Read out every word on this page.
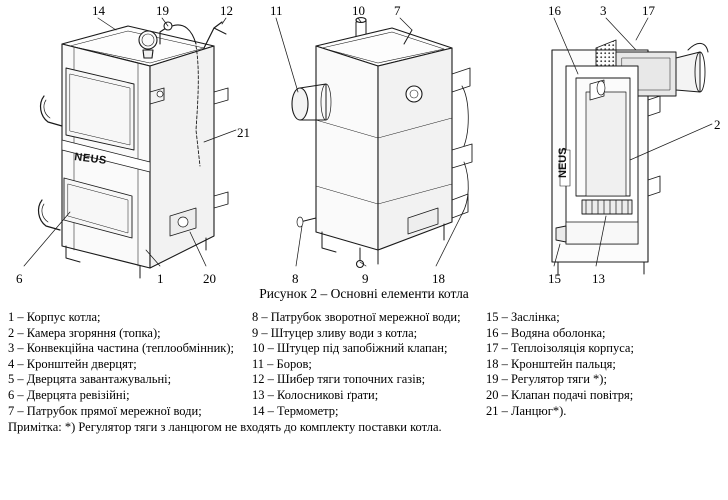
NEUS	NEUS
14	19	12	11	10 7	16	3	17
21
2
6	1	20	8	9	18	15 13
Рисунок 2 – Основні елементи котла
1 – Корпус котла;
2 – Камера згоряння (топка);
3 – Конвекційна частина (теплообмінник);
4 – Кронштейн дверцят;
5 – Дверцята завантажувальні;
6 – Дверцята ревізійні;
7 – Патрубок прямої мережної води;
8 – Патрубок зворотної мережної води;
9 – Штуцер зливу води з котла;
10 – Штуцер під запобіжний клапан;
11 – Боров;
12 – Шибер тяги топочних газів;
13 – Колосникові ґрати;
14 – Термометр;
15 – Заслінка;
16 – Водяна оболонка;
17 – Теплоізоляція корпуса;
18 – Кронштейн пальця;
19 – Регулятор тяги *);
20 – Клапан подачі повітря;
21 – Ланцюг*).
Примітка: *) Регулятор тяги з ланцюгом не входять до комплекту поставки котла.
